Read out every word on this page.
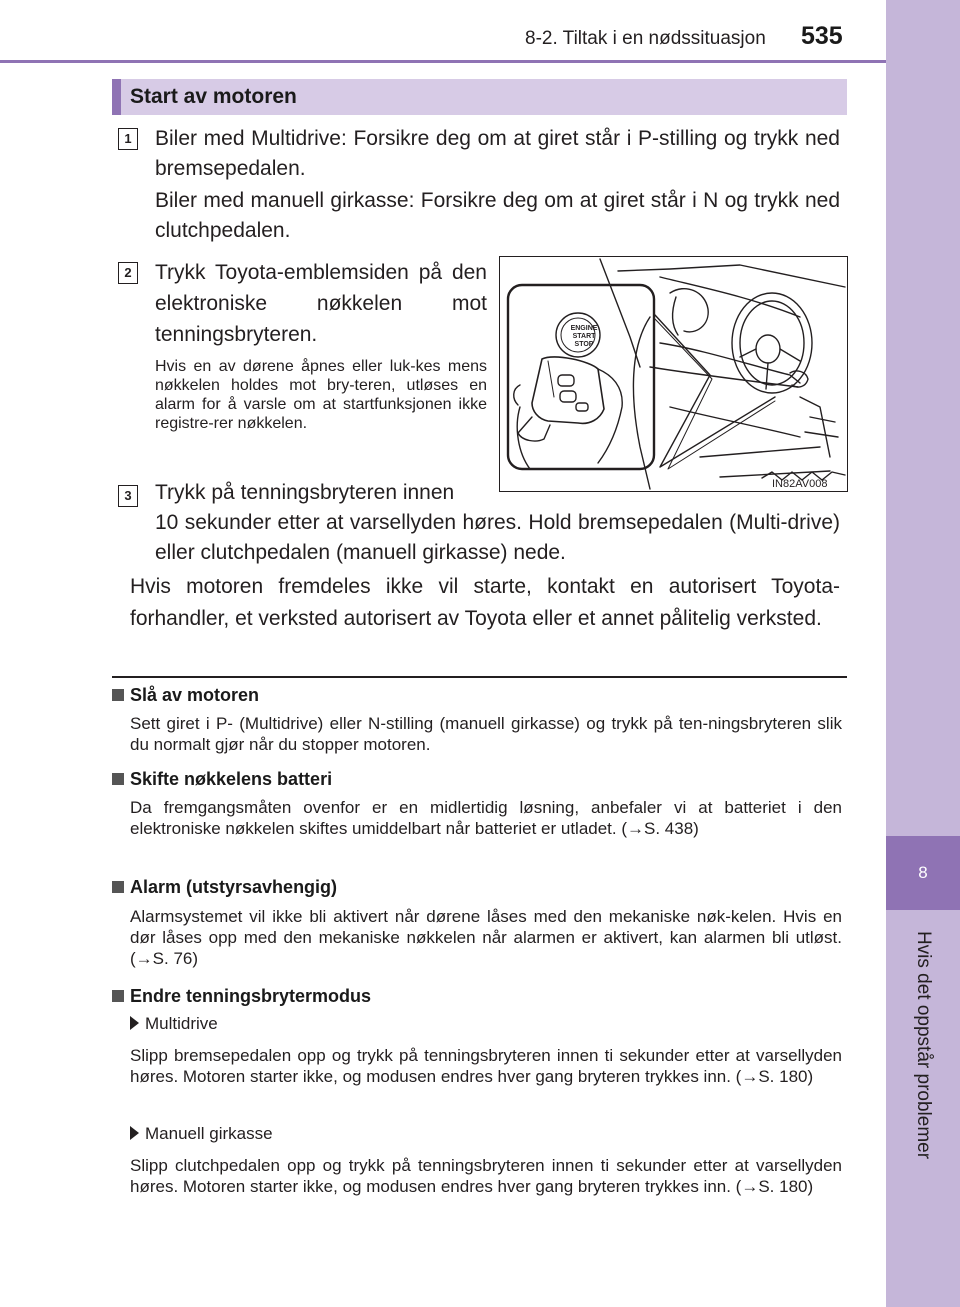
8
Hvis det oppstår problemer
8-2. Tiltak i en nødssituasjon 535
Start av motoren
1	Biler med Multidrive: Forsikre deg om at giret står i P-stilling og trykk ned bremsepedalen.

Biler med manuell girkasse: Forsikre deg om at giret står i N og trykk ned clutchpedalen.

2	Trykk Toyota-emblemsiden på den elektroniske nøkkelen mot tenningsbryteren.

Hvis en av dørene åpnes eller luk-kes mens nøkkelen holdes mot bry-teren, utløses en alarm for å varsle om at startfunksjonen ikke registre-rer nøkkelen.

ENGINE
START
STOP
IN82AV008
3	Trykk på tenningsbryteren innen

10 sekunder etter at varsellyden høres. Hold bremsepedalen (Multi-drive) eller clutchpedalen (manuell girkasse) nede.

Hvis motoren fremdeles ikke vil starte, kontakt en autorisert Toyota-forhandler, et verksted autorisert av Toyota eller et annet pålitelig verksted.

Slå av motoren

Sett giret i P- (Multidrive) eller N-stilling (manuell girkasse) og trykk på ten-ningsbryteren slik du normalt gjør når du stopper motoren.

Skifte nøkkelens batteri

Da fremgangsmåten ovenfor er en midlertidig løsning, anbefaler vi at batteriet i den elektroniske nøkkelen skiftes umiddelbart når batteriet er utladet. (→S. 438)

Alarm (utstyrsavhengig)

Alarmsystemet vil ikke bli aktivert når dørene låses med den mekaniske nøk-kelen. Hvis en dør låses opp med den mekaniske nøkkelen når alarmen er aktivert, kan alarmen bli utløst. (→S. 76)

Endre tenningsbrytermodus
Multidrive

Slipp bremsepedalen opp og trykk på tenningsbryteren innen ti sekunder etter at varsellyden høres. Motoren starter ikke, og modusen endres hver gang bryteren trykkes inn. (→S. 180)

Manuell girkasse

Slipp clutchpedalen opp og trykk på tenningsbryteren innen ti sekunder etter at varsellyden høres. Motoren starter ikke, og modusen endres hver gang bryteren trykkes inn. (→S. 180)
